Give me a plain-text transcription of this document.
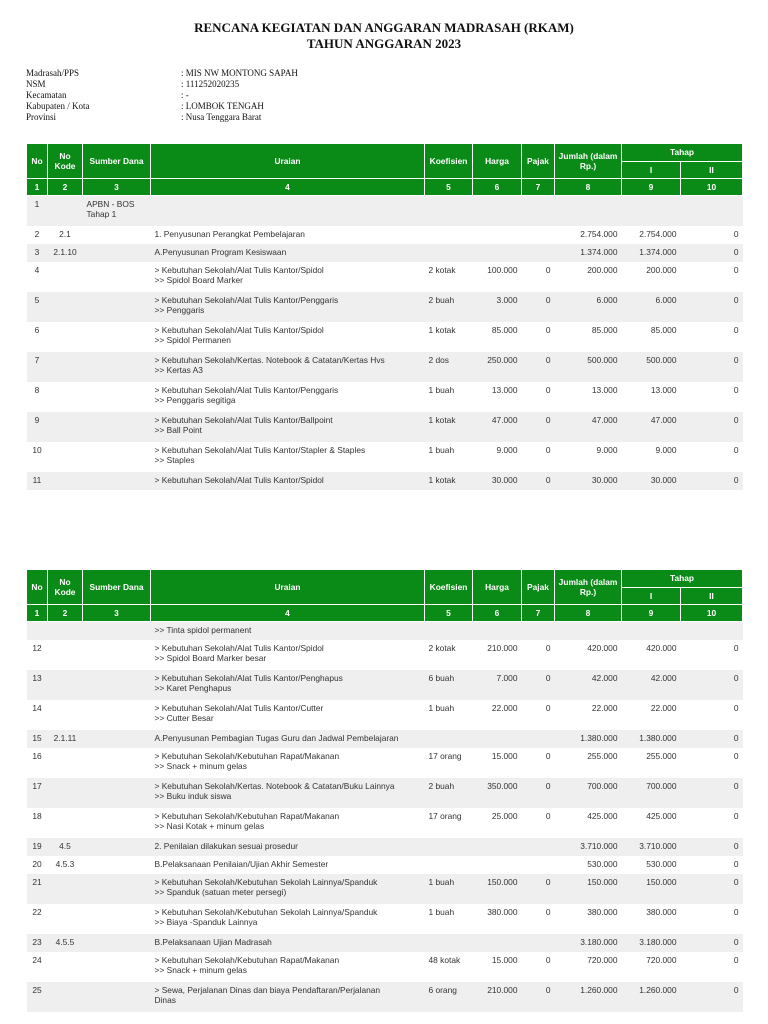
RENCANA KEGIATAN DAN ANGGARAN MADRASAH (RKAM)
TAHUN ANGGARAN 2023
Madrasah/PPS	: MIS NW MONTONG SAPAH
NSM	: 111252020235
Kecamatan	: -
Kabupaten / Kota	: LOMBOK TENGAH
Provinsi	: Nusa Tenggara Barat
No	No Kode	Sumber Dana	Uraian	Koefisien	Harga	Pajak	Jumlah (dalam Rp.)	Tahap	
								I	II
1	2	3	4	5	6	7	8	9	10
1		APBN - BOS
Tahap 1							

2	2.1		1. Penyusunan Perangkat Pembelajaran				2.754.000	2.754.000	0
3	2.1.10		A.Penyusunan Program Kesiswaan				1.374.000	1.374.000	0
4			> Kebutuhan Sekolah/Alat Tulis Kantor/Spidol
>> Spidol Board Marker	2 kotak	100.000	0	200.000	200.000	0
5			> Kebutuhan Sekolah/Alat Tulis Kantor/Penggaris
>> Penggaris	2 buah	3.000	0	6.000	6.000	0
6			> Kebutuhan Sekolah/Alat Tulis Kantor/Spidol
>> Spidol Permanen	1 kotak	85.000	0	85.000	85.000	0
7			> Kebutuhan Sekolah/Kertas. Notebook & Catatan/Kertas Hvs
>> Kertas A3	2 dos	250.000	0	500.000	500.000	0
8			> Kebutuhan Sekolah/Alat Tulis Kantor/Penggaris
>> Penggaris segitiga	1 buah	13.000	0	13.000	13.000	0
9			> Kebutuhan Sekolah/Alat Tulis Kantor/Ballpoint
>> Ball Point	1 kotak	47.000	0	47.000	47.000	0
10			> Kebutuhan Sekolah/Alat Tulis Kantor/Stapler & Staples
>> Staples	1 buah	9.000	0	9.000	9.000	0
11			> Kebutuhan Sekolah/Alat Tulis Kantor/Spidol	1 kotak	30.000	0	30.000	30.000	0
No	No Kode	Sumber Dana	Uraian	Koefisien	Harga	Pajak	Jumlah (dalam Rp.)	Tahap	
								I	II
1	2	3	4	5	6	7	8	9	10

	>> Tinta spidol permanent

12			> Kebutuhan Sekolah/Alat Tulis Kantor/Spidol
>> Spidol Board Marker besar	2 kotak	210.000	0	420.000	420.000	0
13			> Kebutuhan Sekolah/Alat Tulis Kantor/Penghapus
>> Karet Penghapus	6 buah	7.000	0	42.000	42.000	0
14			> Kebutuhan Sekolah/Alat Tulis Kantor/Cutter
>> Cutter Besar	1 buah	22.000	0	22.000	22.000	0
15	2.1.11		A.Penyusunan Pembagian Tugas Guru dan Jadwal Pembelajaran				1.380.000	1.380.000	0
16			> Kebutuhan Sekolah/Kebutuhan Rapat/Makanan
>> Snack + minum gelas	17 orang	15.000	0	255.000	255.000	0
17			> Kebutuhan Sekolah/Kertas. Notebook & Catatan/Buku Lainnya
>> Buku induk siswa	2 buah	350.000	0	700.000	700.000	0
18			> Kebutuhan Sekolah/Kebutuhan Rapat/Makanan
>> Nasi Kotak + minum gelas	17 orang	25.000	0	425.000	425.000	0
19	4.5		2. Penilaian dilakukan sesuai prosedur				3.710.000	3.710.000	0
20	4.5.3		B.Pelaksanaan Penilaian/Ujian Akhir Semester				530.000	530.000	0
21			> Kebutuhan Sekolah/Kebutuhan Sekolah Lainnya/Spanduk
>> Spanduk (satuan meter persegi)	1 buah	150.000	0	150.000	150.000	0
22			> Kebutuhan Sekolah/Kebutuhan Sekolah Lainnya/Spanduk
>> Biaya -Spanduk Lainnya	1 buah	380.000	0	380.000	380.000	0
23	4.5.5		B.Pelaksanaan Ujian Madrasah				3.180.000	3.180.000	0
24			> Kebutuhan Sekolah/Kebutuhan Rapat/Makanan
>> Snack + minum gelas	48 kotak	15.000	0	720.000	720.000	0
25			> Sewa, Perjalanan Dinas dan biaya Pendaftaran/Perjalanan
Dinas	6 orang	210.000	0	1.260.000	1.260.000	0
